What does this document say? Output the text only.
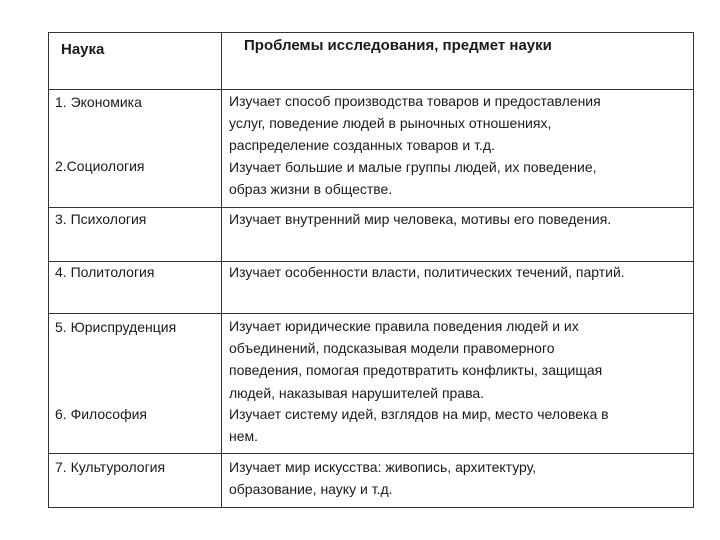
Наука	Проблемы исследования, предмет науки
1. Экономика
2.Социология
3. Психология
4. Политология
5. Юриспруденция
6. Философия
7. Культурология
Изучает способ производства товаров и предоставления
услуг, поведение людей в рыночных отношениях,
распределение созданных товаров и т.д.
Изучает большие и малые группы людей, их поведение,
образ жизни в обществе.
Изучает внутренний мир человека, мотивы его поведения.
Изучает особенности власти, политических течений, партий.
Изучает юридические правила поведения людей и их
объединений, подсказывая модели правомерного
поведения, помогая предотвратить конфликты, защищая
людей, наказывая нарушителей права.
Изучает систему идей, взглядов на мир, место человека в
нем.
Изучает мир искусства: живопись, архитектуру,
образование, науку и т.д.
